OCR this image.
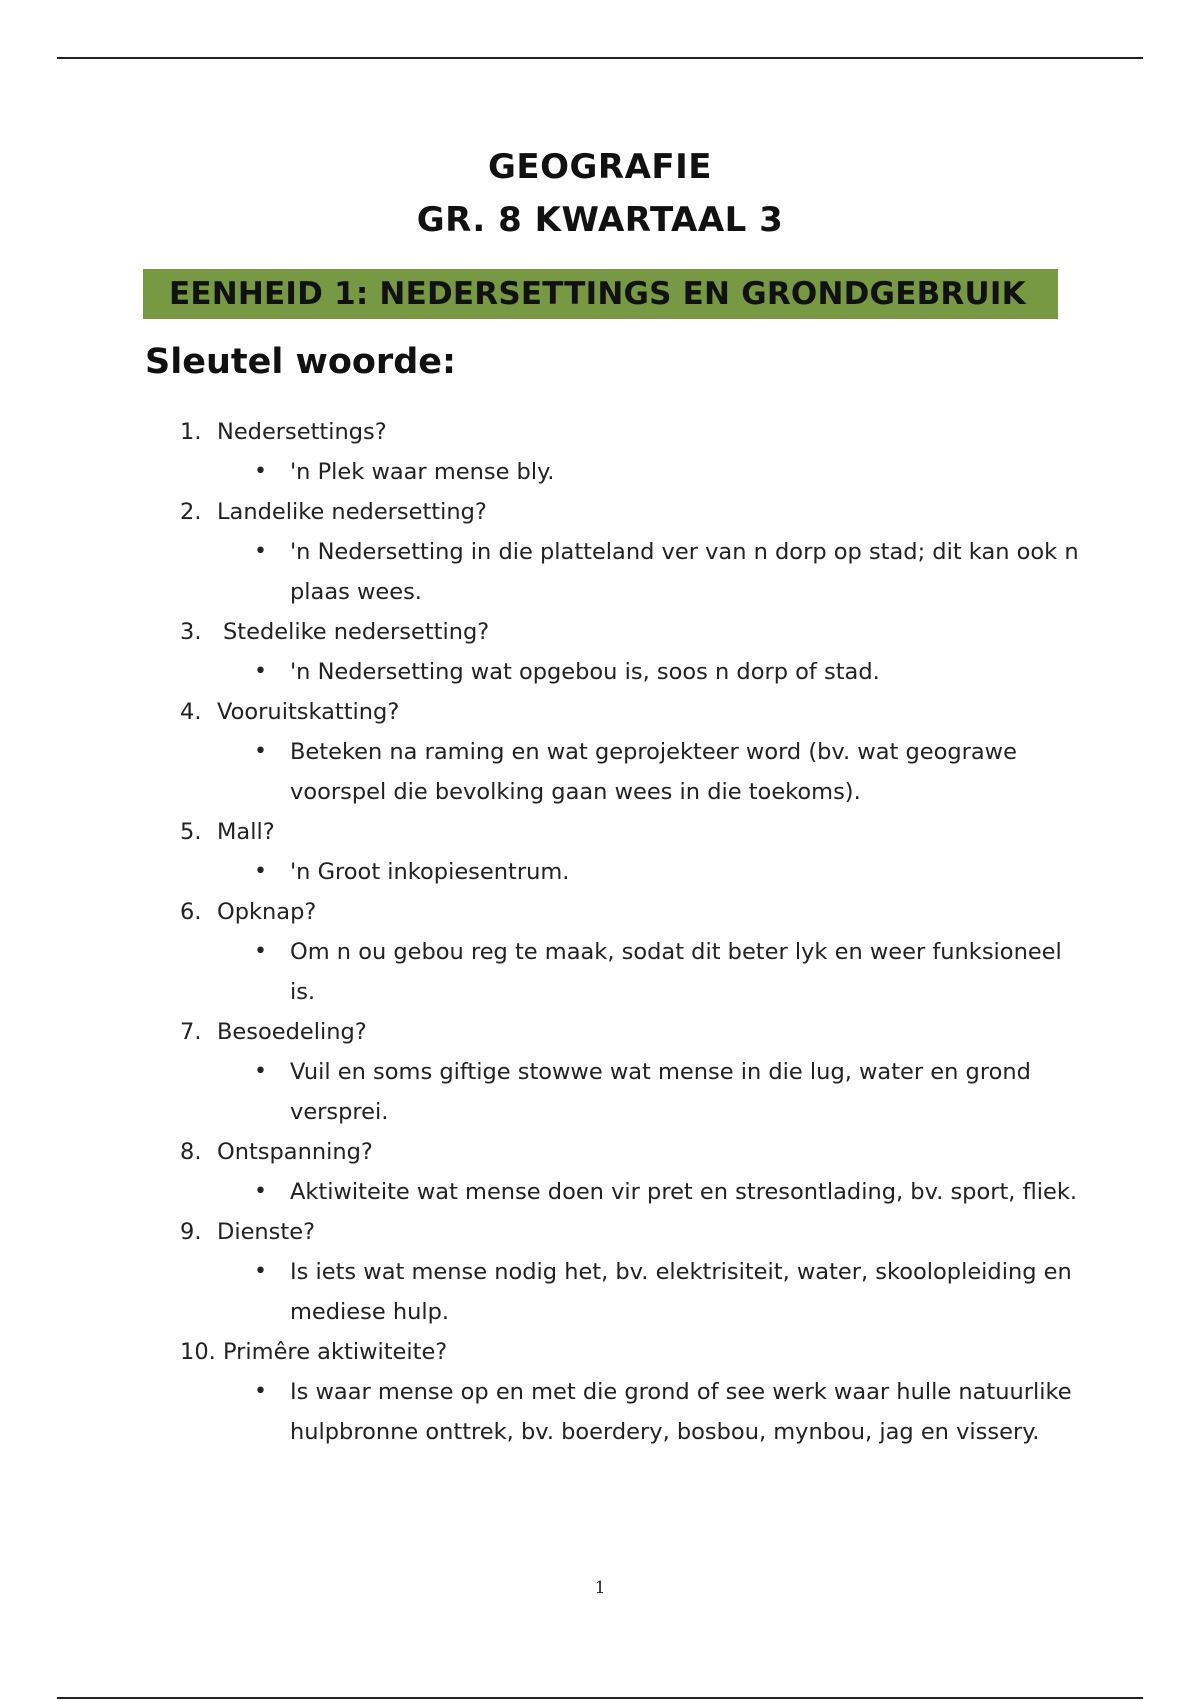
GEOGRAFIE
GR. 8 KWARTAAL 3
EENHEID 1: NEDERSETTINGS EN GRONDGEBRUIK
Sleutel woorde:
1. Nedersettings?
• 'n Plek waar mense bly.
2. Landelike nedersetting?
• 'n Nedersetting in die platteland ver van n dorp op stad; dit kan ook n plaas wees.
3. Stedelike nedersetting?
• 'n Nedersetting wat opgebou is, soos n dorp of stad.
4. Vooruitskatting?
• Beteken na raming en wat geprojekteer word (bv. wat geograwe voorspel die bevolking gaan wees in die toekoms).
5. Mall?
• 'n Groot inkopiesentrum.
6. Opknap?
• Om n ou gebou reg te maak, sodat dit beter lyk en weer funksioneel is.
7. Besoedeling?
• Vuil en soms giftige stowwe wat mense in die lug, water en grond versprei.
8. Ontspanning?
• Aktiwiteite wat mense doen vir pret en stresontlading, bv. sport, fliek.
9. Dienste?
• Is iets wat mense nodig het, bv. elektrisiteit, water, skoolopleiding en mediese hulp.
10. Primêre aktiwiteite?
• Is waar mense op en met die grond of see werk waar hulle natuurlike hulpbronne onttrek, bv. boerdery, bosbou, mynbou, jag en vissery.
1
